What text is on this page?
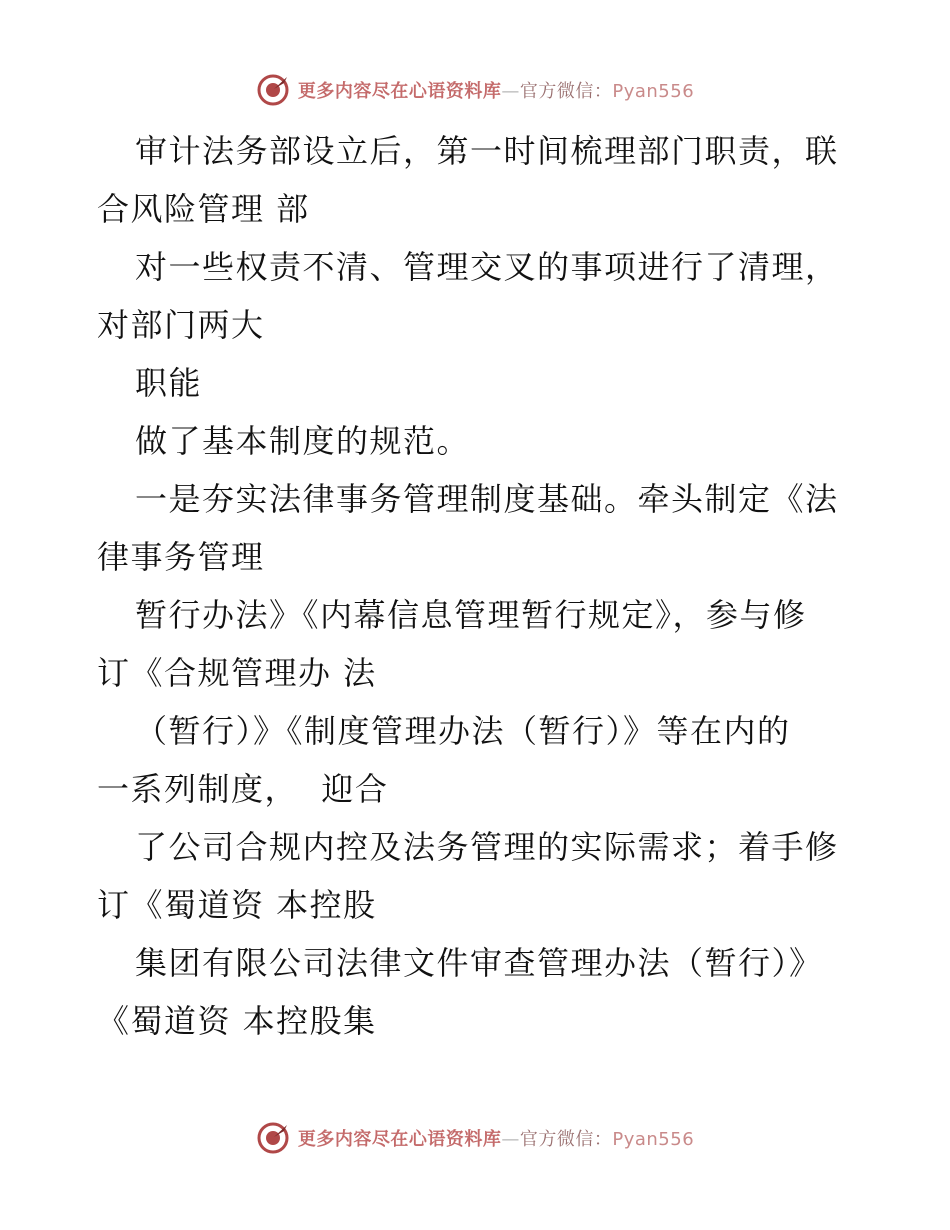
更多内容尽在心语资料库—官方微信：Pyan556
审计法务部设立后，第一时间梳理部门职责，联
合风险管理 部
对一些权责不清、管理交叉的事项进行了清理，
对部门两大
职能
做了基本制度的规范。
一是夯实法律事务管理制度基础。牵头制定《法
律事务管理
暂行办法》《内幕信息管理暂行规定》，参与修
订《合规管理办 法
（暂行）》《制度管理办法（暂行）》等在内的
一系列制度，  迎合
了公司合规内控及法务管理的实际需求；着手修
订《蜀道资 本控股
集团有限公司法律文件审查管理办法（暂行）》
《蜀道资 本控股集
更多内容尽在心语资料库—官方微信：Pyan556
